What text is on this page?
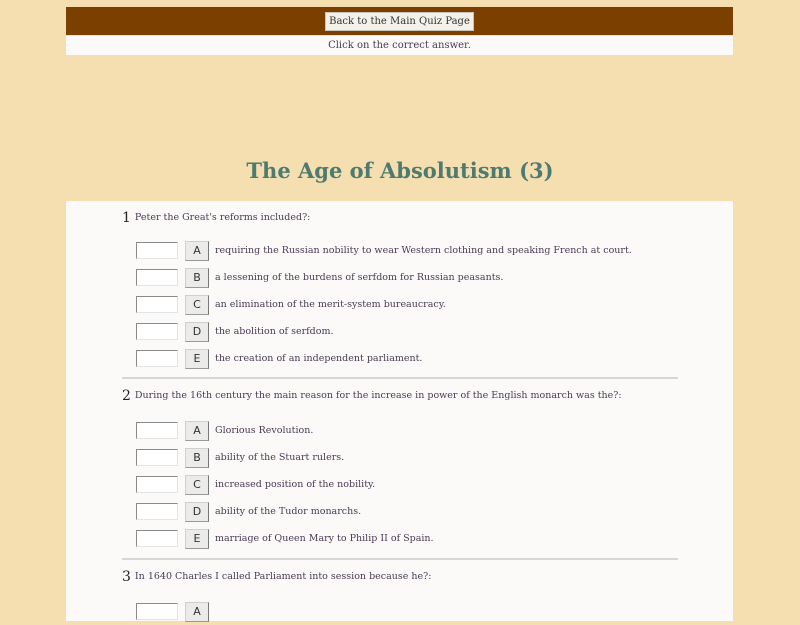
Back to the Main Quiz Page
Click on the correct answer.
The Age of Absolutism (3)
1 Peter the Great's reforms included?:
A	requiring the Russian nobility to wear Western clothing and speaking French at court.
B	a lessening of the burdens of serfdom for Russian peasants.
C	an elimination of the merit-system bureaucracy.
D	the abolition of serfdom.
E	the creation of an independent parliament.
2 During the 16th century the main reason for the increase in power of the English monarch was the?:
A	Glorious Revolution.
B	ability of the Stuart rulers.
C	increased position of the nobility.
D	ability of the Tudor monarchs.
E	marriage of Queen Mary to Philip II of Spain.
3 In 1640 Charles I called Parliament into session because he?:
A
